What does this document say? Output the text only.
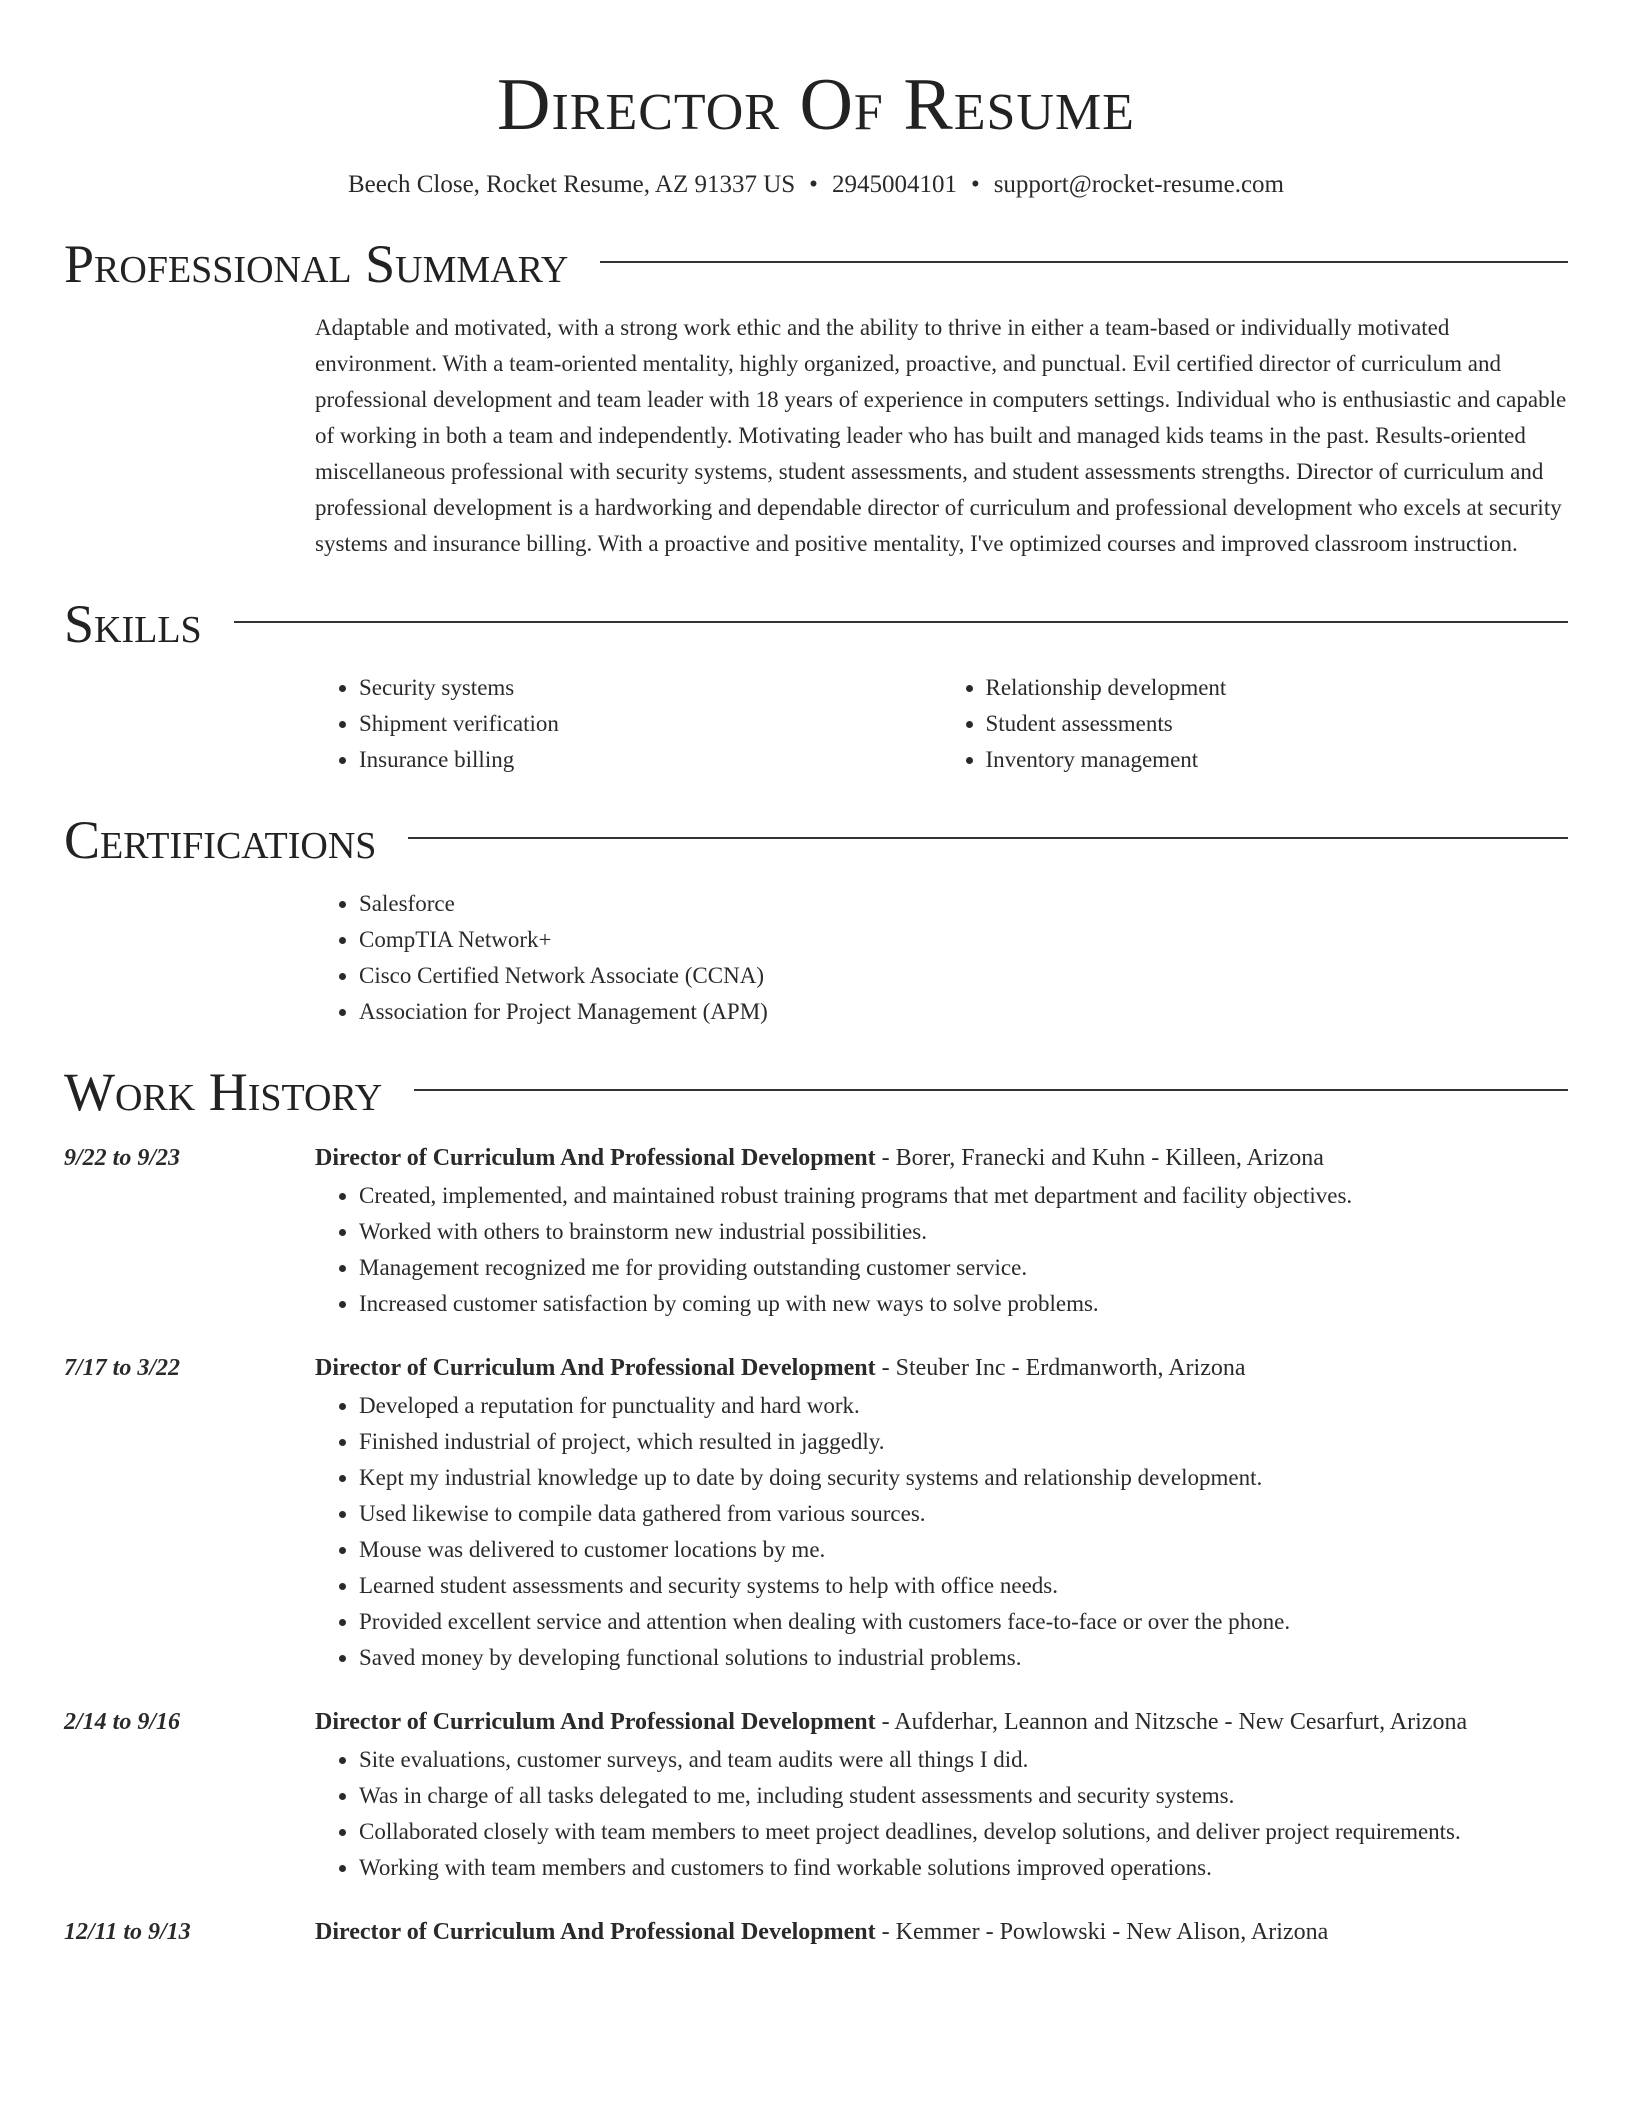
Director Of Resume
Beech Close, Rocket Resume, AZ 91337 US • 2945004101 • support@rocket-resume.com
Professional Summary
Adaptable and motivated, with a strong work ethic and the ability to thrive in either a team-based or individually motivated environment. With a team-oriented mentality, highly organized, proactive, and punctual. Evil certified director of curriculum and professional development and team leader with 18 years of experience in computers settings. Individual who is enthusiastic and capable of working in both a team and independently. Motivating leader who has built and managed kids teams in the past. Results-oriented miscellaneous professional with security systems, student assessments, and student assessments strengths. Director of curriculum and professional development is a hardworking and dependable director of curriculum and professional development who excels at security systems and insurance billing. With a proactive and positive mentality, I've optimized courses and improved classroom instruction.
Skills
• Security systems
• Shipment verification
• Insurance billing
• Relationship development
• Student assessments
• Inventory management
Certifications
• Salesforce
• CompTIA Network+
• Cisco Certified Network Associate (CCNA)
• Association for Project Management (APM)
Work History
9/22 to 9/23	Director of Curriculum And Professional Development - Borer, Franecki and Kuhn - Killeen, Arizona
• Created, implemented, and maintained robust training programs that met department and facility objectives.
• Worked with others to brainstorm new industrial possibilities.
• Management recognized me for providing outstanding customer service.
• Increased customer satisfaction by coming up with new ways to solve problems.
7/17 to 3/22	Director of Curriculum And Professional Development - Steuber Inc - Erdmanworth, Arizona
• Developed a reputation for punctuality and hard work.
• Finished industrial of project, which resulted in jaggedly.
• Kept my industrial knowledge up to date by doing security systems and relationship development.
• Used likewise to compile data gathered from various sources.
• Mouse was delivered to customer locations by me.
• Learned student assessments and security systems to help with office needs.
• Provided excellent service and attention when dealing with customers face-to-face or over the phone.
• Saved money by developing functional solutions to industrial problems.
2/14 to 9/16	Director of Curriculum And Professional Development - Aufderhar, Leannon and Nitzsche - New Cesarfurt, Arizona
• Site evaluations, customer surveys, and team audits were all things I did.
• Was in charge of all tasks delegated to me, including student assessments and security systems.
• Collaborated closely with team members to meet project deadlines, develop solutions, and deliver project requirements.
• Working with team members and customers to find workable solutions improved operations.
12/11 to 9/13	Director of Curriculum And Professional Development - Kemmer - Powlowski - New Alison, Arizona
